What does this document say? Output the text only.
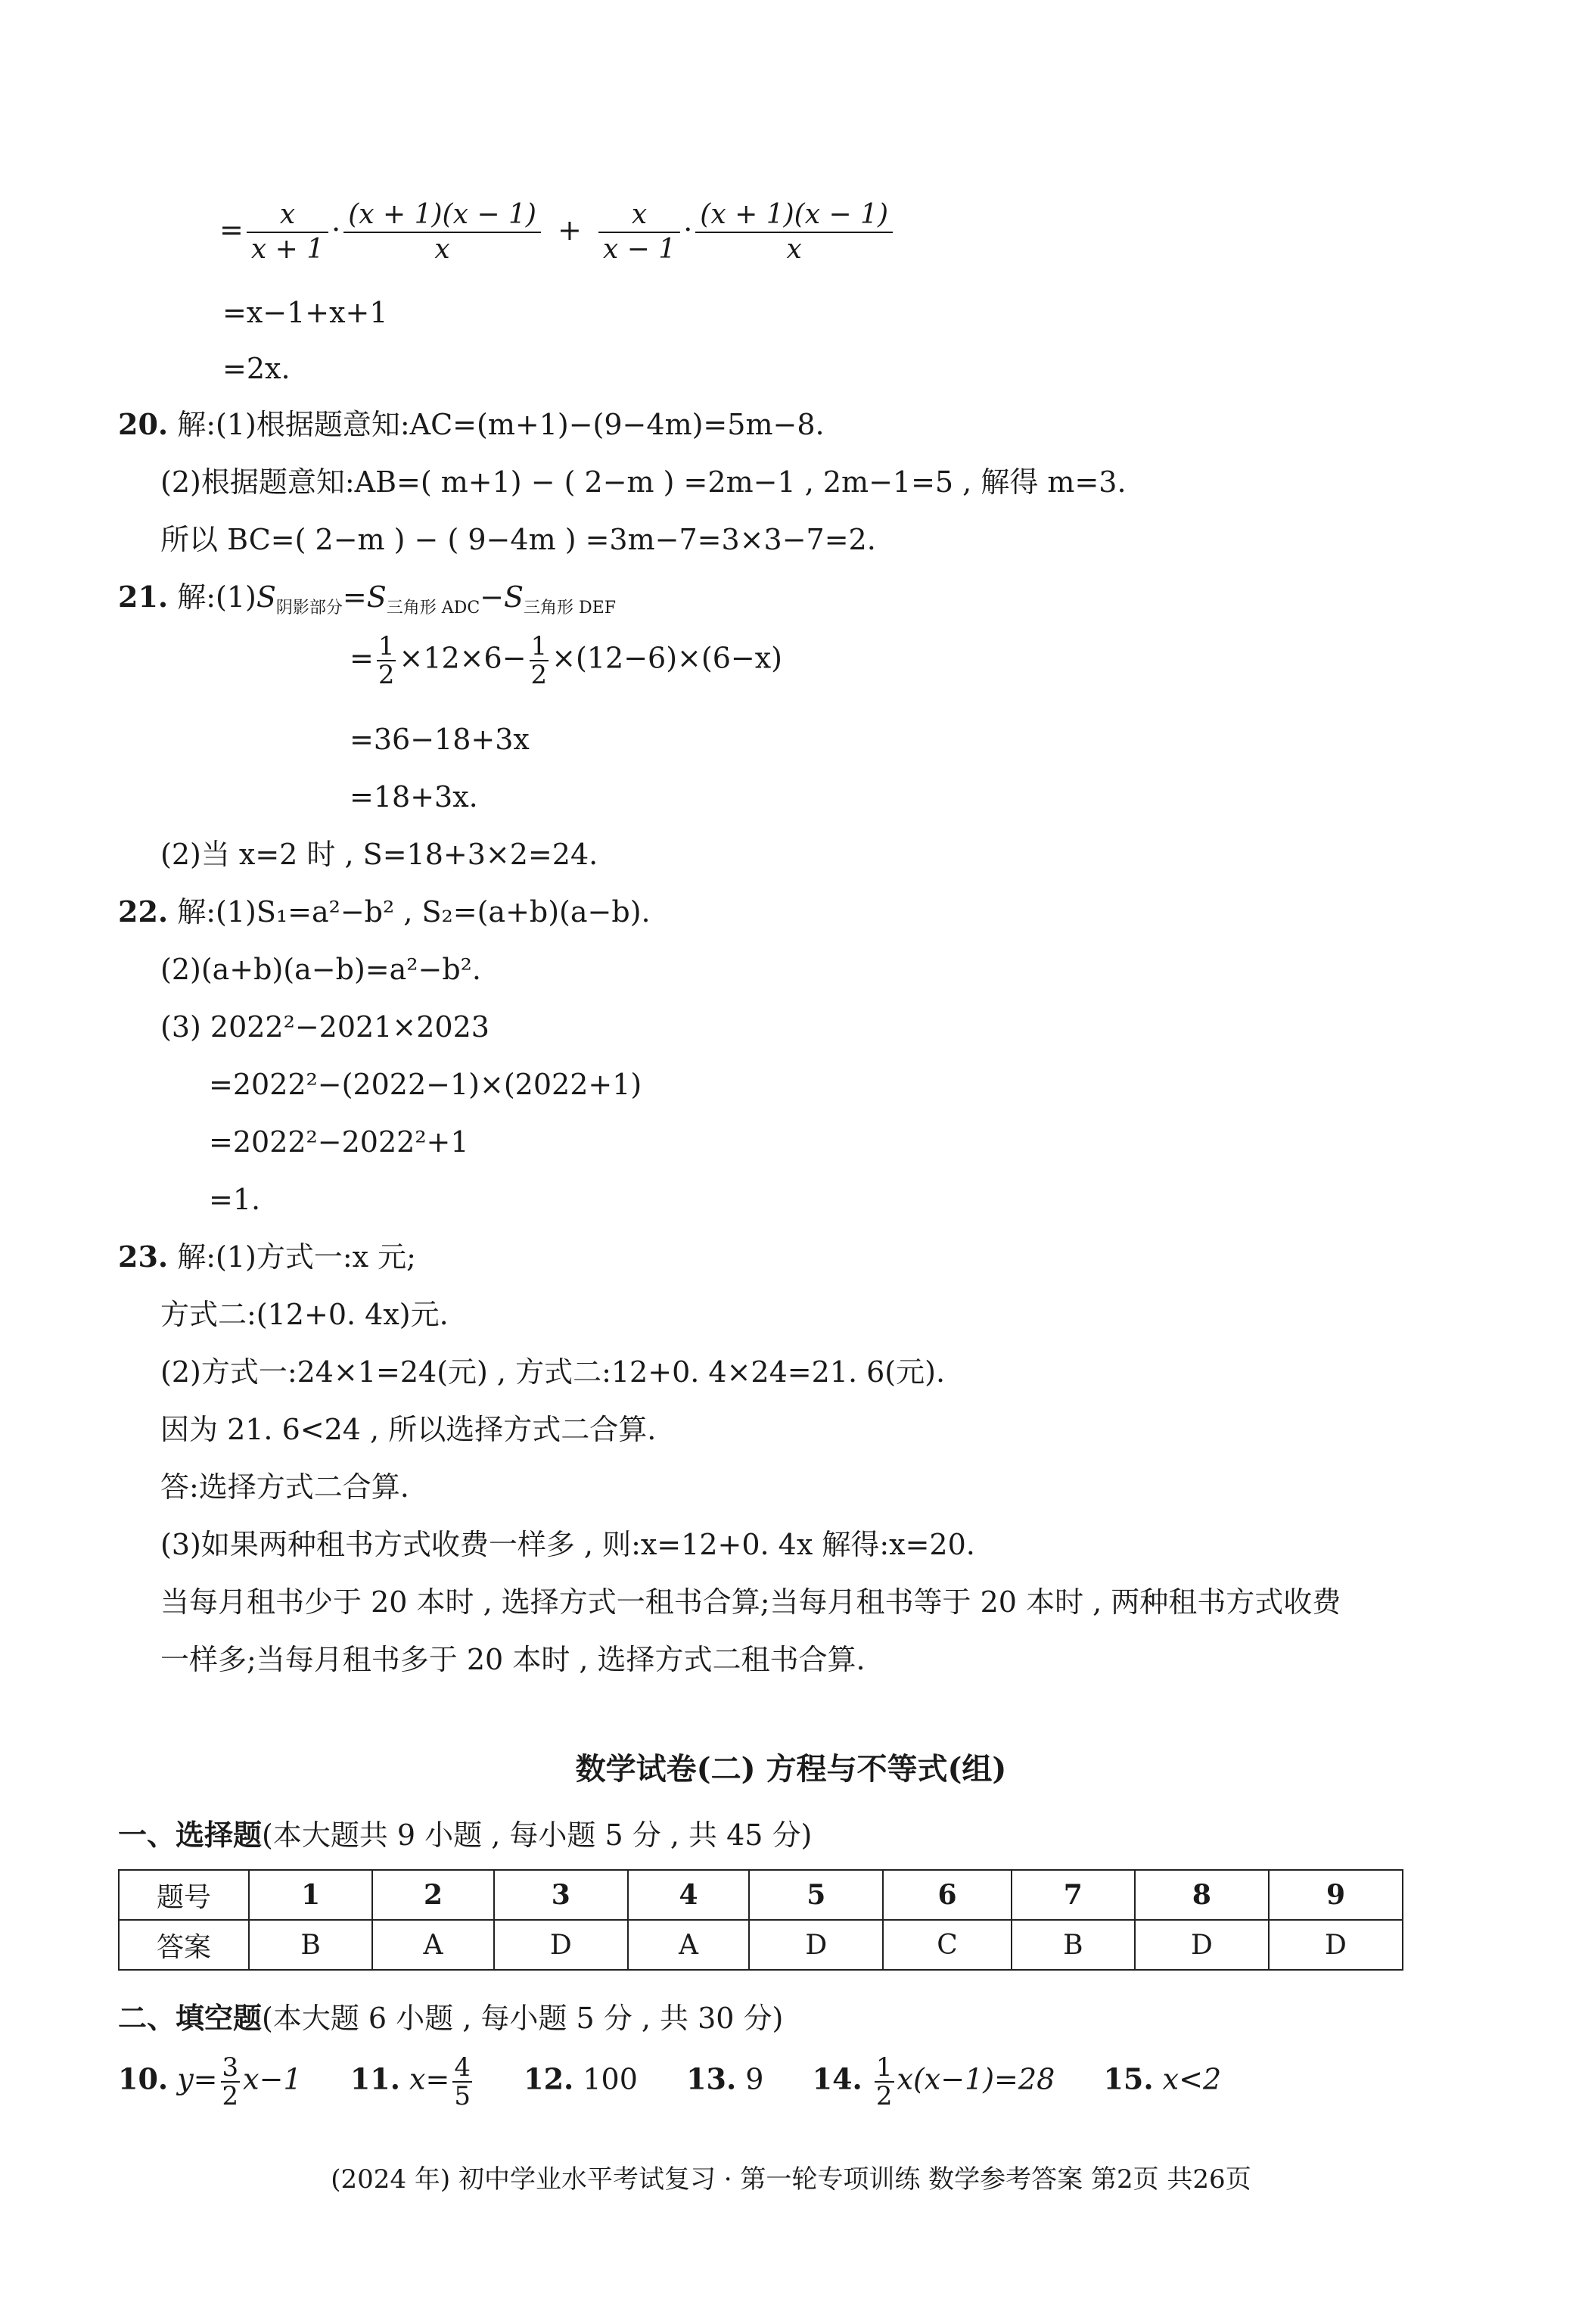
= $\frac{x}{x + 1} \cdot \frac{(x + 1)(x - 1)}{x} + \frac{x}{x - 1} \cdot \frac{(x + 1)(x - 1)}{x}$
=x−1+x+1
=2x.
20. 解:(1)根据题意知:AC=(m+1)−(9−4m)=5m−8.
(2)根据题意知:AB=( m+1) − ( 2−m ) =2m−1 , 2m−1=5 , 解得 m=3.
所以 BC=( 2−m ) − ( 9−4m ) =3m−7=3×3−7=2.
21. 解$:(1)S_{阴影部分}=S_{三角形 ADC}-S_{三角形 DEF}$
= $\frac{1}{2} \times 12\times 6- \frac{1}{2} \times(12-6)\times(6-x)$
=36−18+3x
=18+3x.
(2)当 x=2 时 , S=18+3×2=24.
22. 解:(1)S₁=a²−b² , S₂=(a+b)(a−b).
(2)(a+b)(a−b)=a²−b².
(3) 2022²−2021×2023
=2022²−(2022−1)×(2022+1)
=2022²−2022²+1
=1.
23. 解:(1)方式一:x 元;
方式二:(12+0. 4x)元.
(2)方式一:24×1=24(元) , 方式二:12+0. 4×24=21. 6(元).
因为 21. 6<24 , 所以选择方式二合算.
答:选择方式二合算.
(3)如果两种租书方式收费一样多 , 则:x=12+0. 4x 解得:x=20.
当每月租书少于 20 本时 , 选择方式一租书合算;当每月租书等于 20 本时 , 两种租书方式收费
一样多;当每月租书多于 20 本时 , 选择方式二租书合算.
数学试卷(二) 方程与不等式(组)
一、选择题(本大题共 9 小题 , 每小题 5 分 , 共 45 分)
题号	1	2	3	4	5	6	7	8	9
答案	B	A	D	A	D	C	B	D	D
二、填空题(本大题 6 小题 , 每小题 5 分 , 共 30 分)
10. $y= \frac{3}{2} x-1$ 11. $x= \frac{4}{5} 12$. 100 13. 9 14. $\frac{1}{2} x(x-1)=28$ 15. x<2
(2024 年) 初中学业水平考试复习 · 第一轮专项训练 数学参考答案 第2页 共26页
